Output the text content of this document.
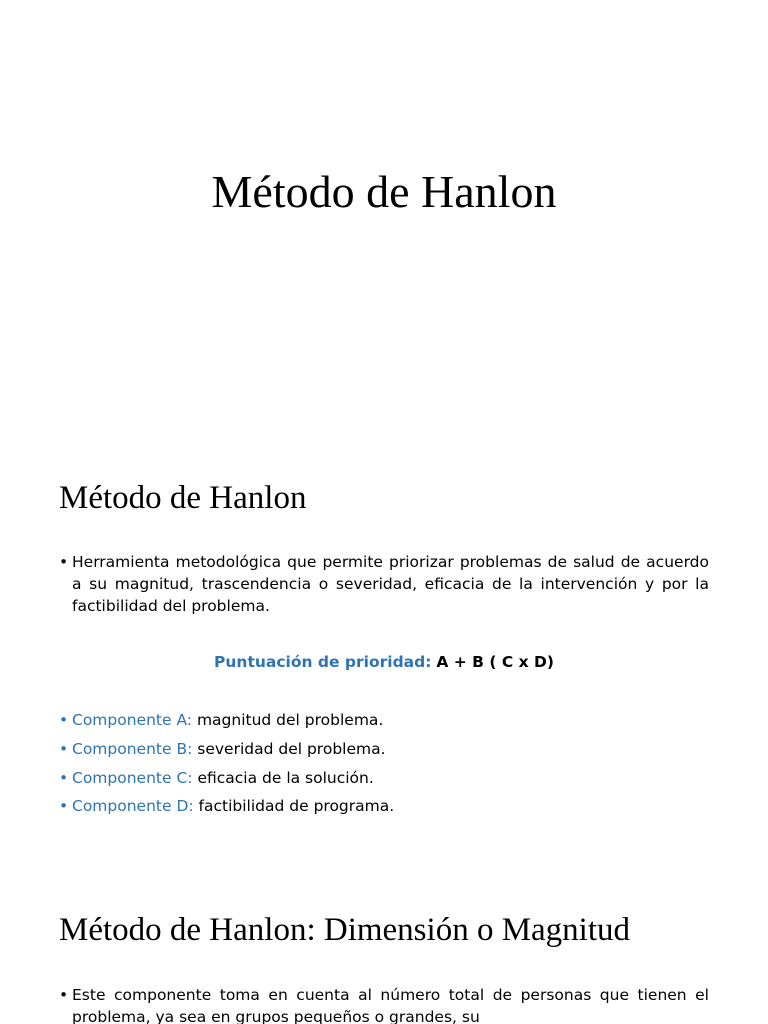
Método de Hanlon
Método de Hanlon
• Herramienta metodológica que permite priorizar problemas de salud de acuerdo a su magnitud, trascendencia o severidad, eficacia de la intervención y por la factibilidad del problema.
Puntuación de prioridad: A + B ( C x D)
• Componente A: magnitud del problema.
• Componente B: severidad del problema.
• Componente C: eficacia de la solución.
• Componente D: factibilidad de programa.
Método de Hanlon: Dimensión o Magnitud
• Este componente toma en cuenta al número total de personas que tienen el problema, ya sea en grupos pequeños o grandes, su
